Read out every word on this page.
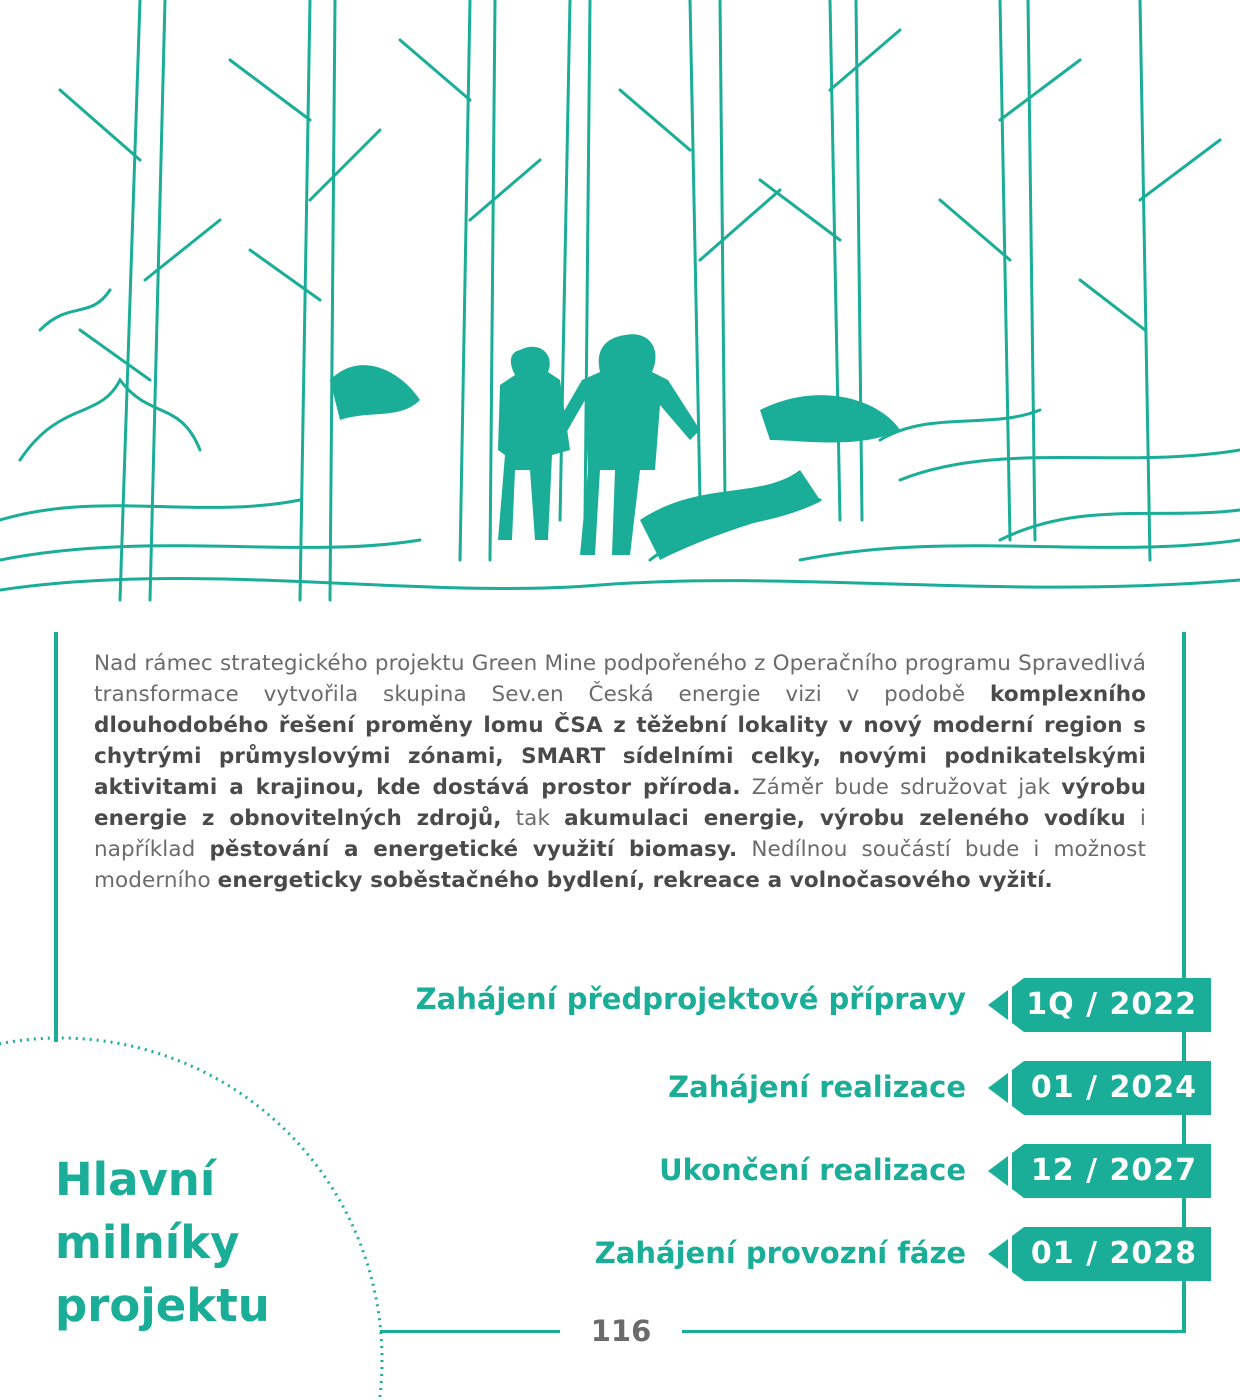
Nad rámec strategického projektu Green Mine podpořeného z Operačního programu Spravedlivá transformace vytvořila skupina Sev.en Česká energie vizi v podobě komplexního dlouhodobého řešení proměny lomu ČSA z těžební lokality v nový moderní region s chytrými průmyslovými zónami, SMART sídelními celky, novými podnikatelskými aktivitami a krajinou, kde dostává prostor příroda. Záměr bude sdružovat jak výrobu energie z obnovitelných zdrojů, tak akumulaci energie, výrobu zeleného vodíku i například pěstování a energetické využití biomasy. Nedílnou součástí bude i možnost moderního energeticky soběstačného bydlení, rekreace a volnočasového vyžití.

Zahájení předprojektové přípravy
Zahájení realizace
Ukončení realizace
Zahájení provozní fáze
1Q / 2022
01 / 2024
12 / 2027
01 / 2028
Hlavní
milníky
projektu	116
